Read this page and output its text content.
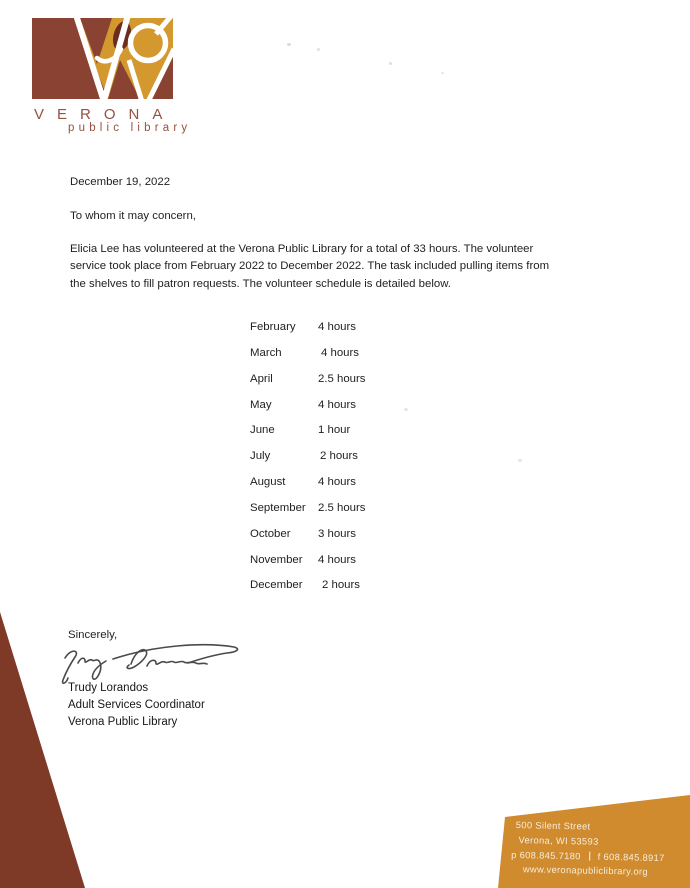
VERONA
public library
December 19, 2022
To whom it may concern,
Elicia Lee has volunteered at the Verona Public Library for a total of 33 hours. The volunteer
service took place from February 2022 to December 2022. The task included pulling items from
the shelves to fill patron requests. The volunteer schedule is detailed below.
February	4 hours
March	4 hours
April	2.5 hours
May	4 hours
June	1 hour
July	2 hours
August	4 hours
September	2.5 hours
October	3 hours
November	4 hours
December	2 hours
Sincerely,
Trudy Lorandos
Adult Services Coordinator
Verona Public Library
500 Silent Street
Verona, WI 53593
p 608.845.7180 f 608.845.8917
www.veronapubliclibrary.org
